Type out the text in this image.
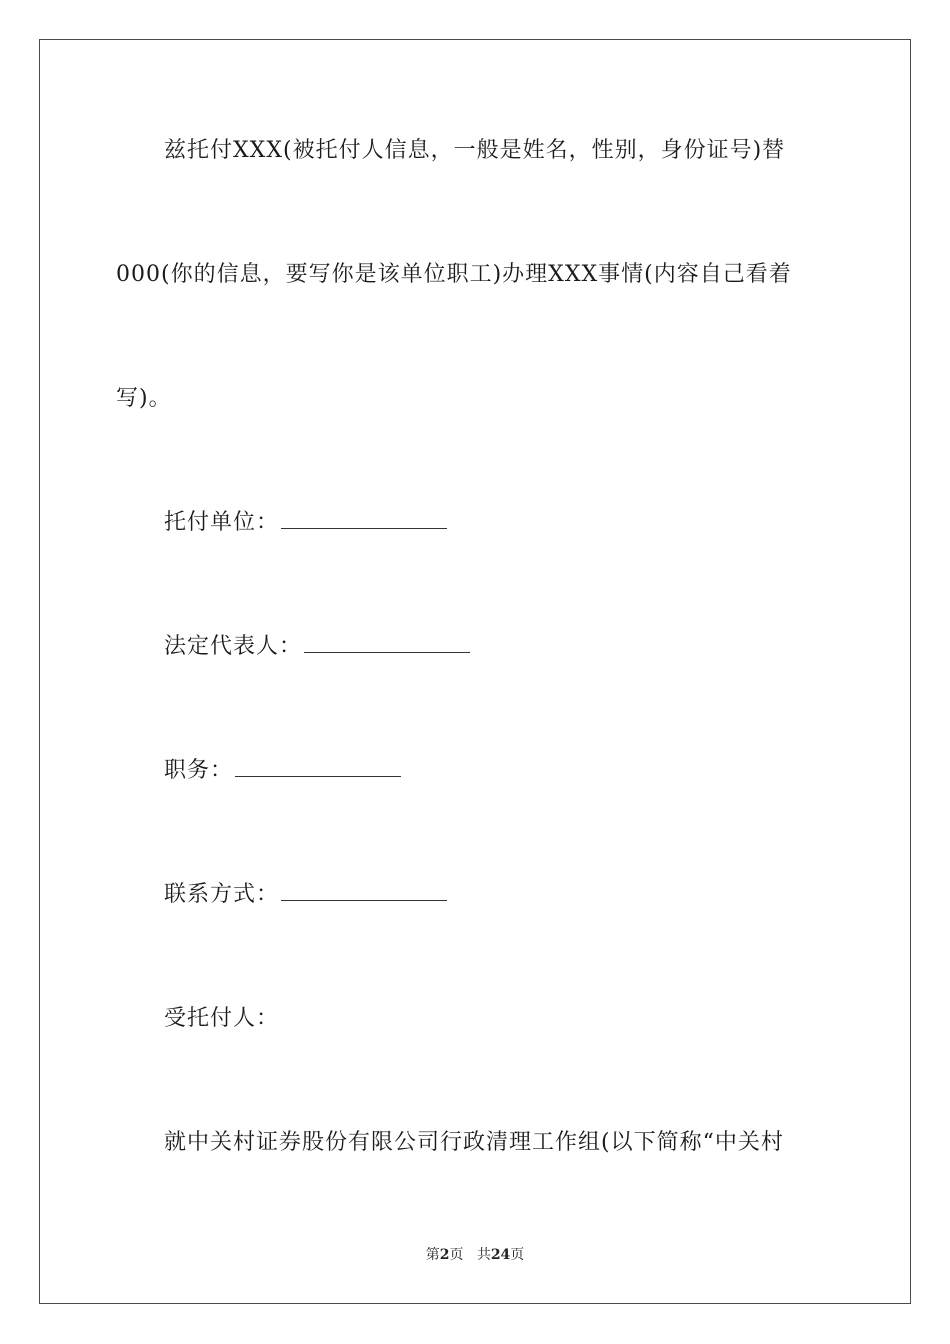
兹托付XXX(被托付人信息，一般是姓名，性别，身份证号)替
000(你的信息，要写你是该单位职工)办理XXX事情(内容自己看着
写)。
托付单位：
法定代表人：
职务：
联系方式：
受托付人：
就中关村证券股份有限公司行政清理工作组(以下简称“中关村
第2页 共24页
